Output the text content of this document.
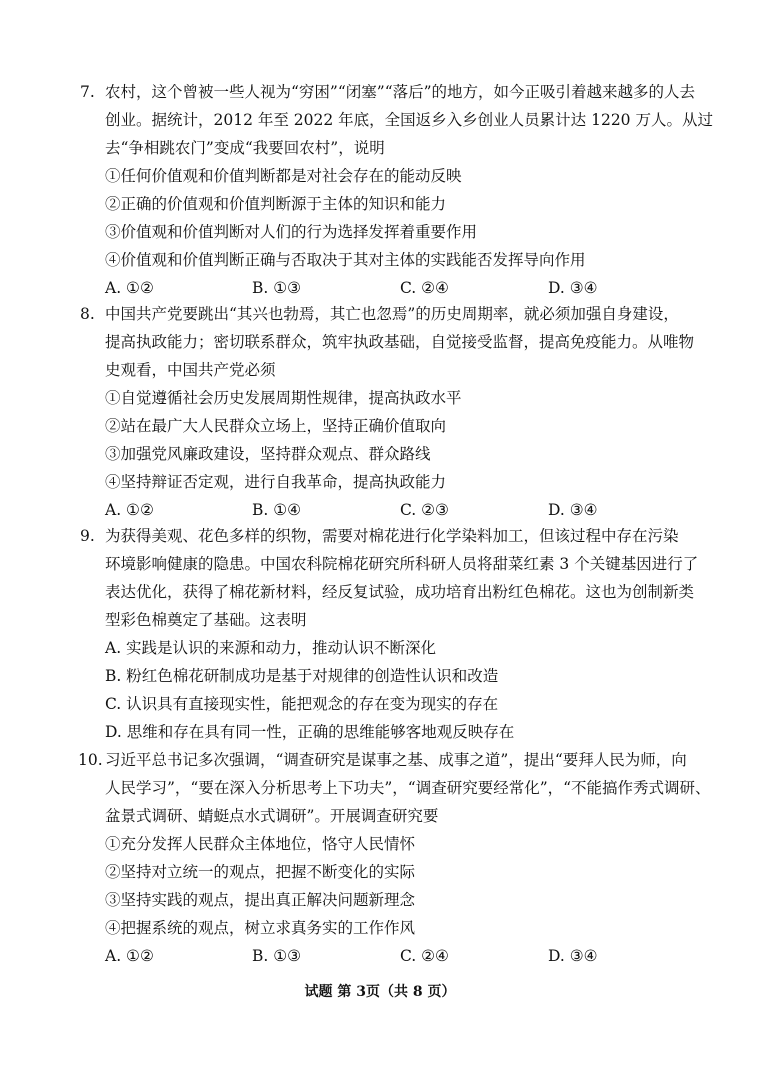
7. 农村，这个曾被一些人视为“穷困”“闭塞”“落后”的地方，如今正吸引着越来越多的人去
创业。据统计，2012 年至 2022 年底，全国返乡入乡创业人员累计达 1220 万人。从过
去“争相跳农门”变成“我要回农村”，说明
①任何价值观和价值判断都是对社会存在的能动反映
②正确的价值观和价值判断源于主体的知识和能力
③价值观和价值判断对人们的行为选择发挥着重要作用
④价值观和价值判断正确与否取决于其对主体的实践能否发挥导向作用
A. ①②	B. ①③	C. ②④	D. ③④
8. 中国共产党要跳出“其兴也勃焉，其亡也忽焉”的历史周期率，就必须加强自身建设，
提高执政能力；密切联系群众，筑牢执政基础，自觉接受监督，提高免疫能力。从唯物
史观看，中国共产党必须
①自觉遵循社会历史发展周期性规律，提高执政水平
②站在最广大人民群众立场上，坚持正确价值取向
③加强党风廉政建设，坚持群众观点、群众路线
④坚持辩证否定观，进行自我革命，提高执政能力
A. ①②	B. ①④	C. ②③	D. ③④
9. 为获得美观、花色多样的织物，需要对棉花进行化学染料加工，但该过程中存在污染
环境影响健康的隐患。中国农科院棉花研究所科研人员将甜菜红素 3 个关键基因进行了
表达优化，获得了棉花新材料，经反复试验，成功培育出粉红色棉花。这也为创制新类
型彩色棉奠定了基础。这表明
A. 实践是认识的来源和动力，推动认识不断深化
B. 粉红色棉花研制成功是基于对规律的创造性认识和改造
C. 认识具有直接现实性，能把观念的存在变为现实的存在
D. 思维和存在具有同一性，正确的思维能够客地观反映存在
10. 习近平总书记多次强调，“调查研究是谋事之基、成事之道”，提出“要拜人民为师，向
人民学习”，“要在深入分析思考上下功夫”，“调查研究要经常化”，“不能搞作秀式调研、
盆景式调研、蜻蜓点水式调研”。开展调查研究要
①充分发挥人民群众主体地位，恪守人民情怀
②坚持对立统一的观点，把握不断变化的实际
③坚持实践的观点，提出真正解决问题新理念
④把握系统的观点，树立求真务实的工作作风
A. ①②	B. ①③	C. ②④	D. ③④
试题 第 3页（共 8 页）
